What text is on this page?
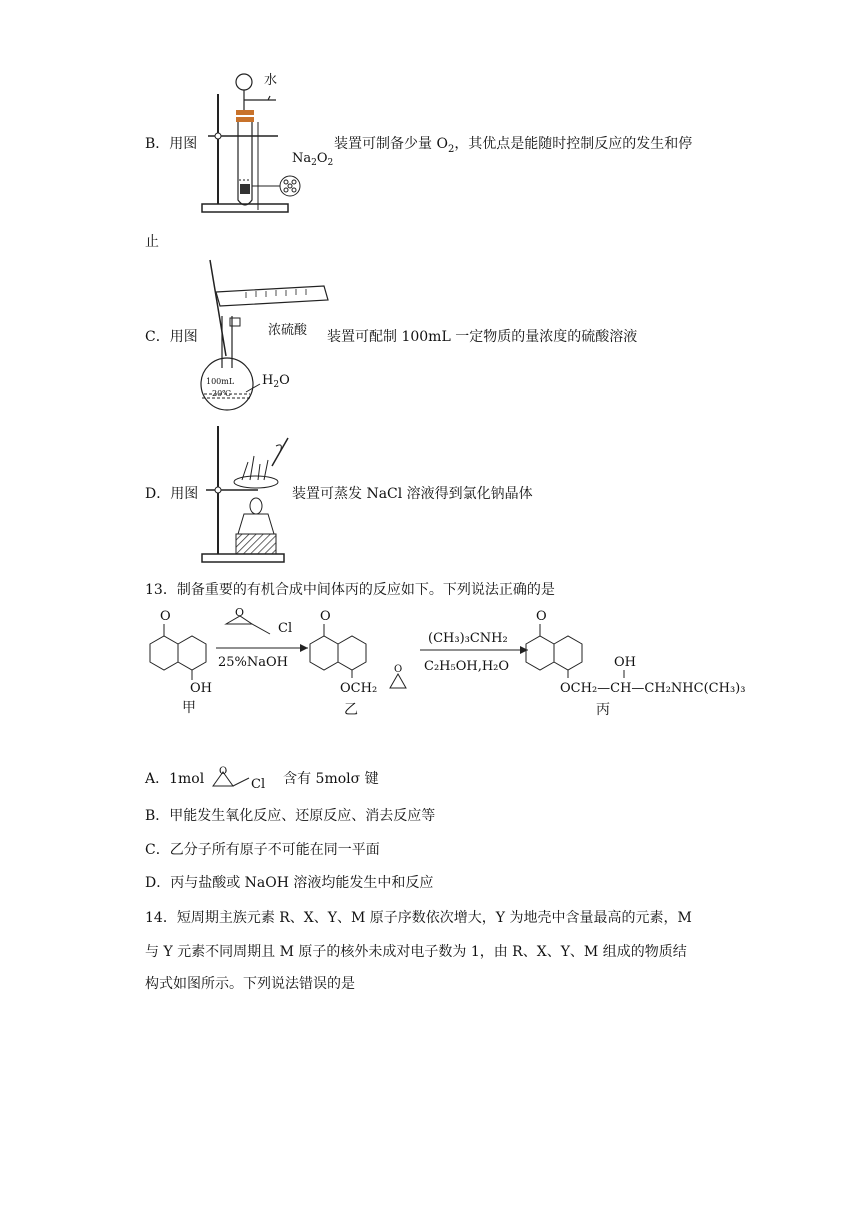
B．用图
水
$Na_2O_2$
装置可制备少量 $O_2$，其优点是能随时控制反应的发生和停
止
C．用图
100mL
20℃
浓硫酸
$H_2O$
装置可配制 100mL 一定物质的量浓度的硫酸溶液
D．用图	装置可蒸发 NaCl 溶液得到氯化钠晶体
13．制备重要的有机合成中间体丙的反应如下。下列说法正确的是
O
OH
甲
O
Cl
25%NaOH
O
OCH₂
O
乙
(CH₃)₃CNH₂
C₂H₅OH,H₂O
O
OH
OCH₂—CH—CH₂NHC(CH₃)₃
丙
A．1mol O
Cl 含有 5molσ 键
B．甲能发生氧化反应、还原反应、消去反应等
C．乙分子所有原子不可能在同一平面
D．丙与盐酸或 NaOH 溶液均能发生中和反应
14．短周期主族元素 R、X、Y、M 原子序数依次增大，Y 为地壳中含量最高的元素，M
与 Y 元素不同周期且 M 原子的核外未成对电子数为 1，由 R、X、Y、M 组成的物质结
构式如图所示。下列说法错误的是
